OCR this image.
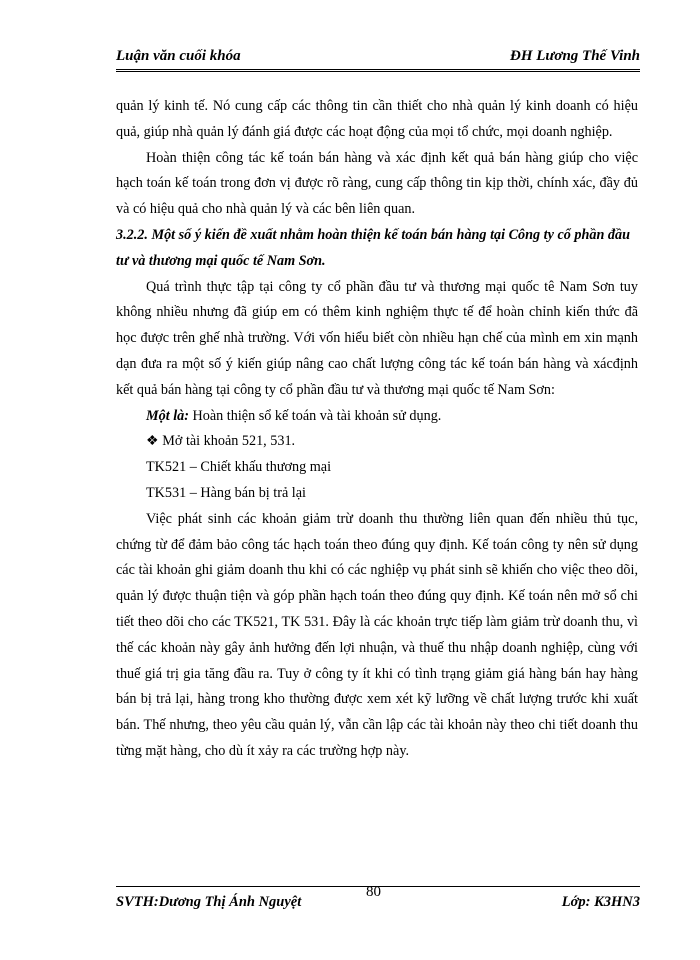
Luận văn cuối khóa	ĐH Lương Thế Vinh

quản lý kinh tế. Nó cung cấp các thông tin cần thiết cho nhà quản lý kinh doanh có hiệu quả, giúp nhà quản lý đánh giá được các hoạt động của mọi tổ chức, mọi doanh nghiệp.

Hoàn thiện công tác kế toán bán hàng và xác định kết quả bán hàng giúp cho việc hạch toán kế toán trong đơn vị được rõ ràng, cung cấp thông tin kịp thời, chính xác, đầy đủ và có hiệu quả cho nhà quản lý và các bên liên quan.

3.2.2. Một số ý kiến đề xuất nhằm hoàn thiện kế toán bán hàng tại Công ty cổ phần đầu tư và thương mại quốc tế Nam Sơn.

Quá trình thực tập tại công ty cổ phần đầu tư và thương mại quốc tê Nam Sơn tuy không nhiều nhưng đã giúp em có thêm kinh nghiệm thực tế để hoàn chỉnh kiến thức đã học được trên ghế nhà trường. Với vốn hiểu biết còn nhiều hạn chế của mình em xin mạnh dạn đưa ra một số ý kiến giúp nâng cao chất lượng công tác kế toán bán hàng và xácđịnh kết quả bán hàng tại công ty cổ phần đầu tư và thương mại quốc tế Nam Sơn:

Một là: Hoàn thiện sổ kế toán và tài khoản sử dụng.

❖ Mở tài khoản 521, 531.

TK521 – Chiết khấu thương mại

TK531 – Hàng bán bị trả lại

Việc phát sinh các khoản giảm trừ doanh thu thường liên quan đến nhiều thủ tục, chứng từ để đảm bảo công tác hạch toán theo đúng quy định. Kế toán công ty nên sử dụng các tài khoản ghi giảm doanh thu khi có các nghiệp vụ phát sinh sẽ khiến cho việc theo dõi, quản lý được thuận tiện và góp phần hạch toán theo đúng quy định. Kế toán nên mở sổ chi tiết theo dõi cho các TK521, TK 531. Đây là các khoản trực tiếp làm giảm trừ doanh thu, vì thế các khoản này gây ảnh hưởng đến lợi nhuận, và thuế thu nhập doanh nghiệp, cùng với thuế giá trị gia tăng đầu ra. Tuy ở công ty ít khi có tình trạng giảm giá hàng bán hay hàng bán bị trả lại, hàng trong kho thường được xem xét kỹ lưỡng về chất lượng trước khi xuất bán. Thế nhưng, theo yêu cầu quản lý, vẫn cần lập các tài khoản này theo chi tiết doanh thu từng mặt hàng, cho dù ít xảy ra các trường hợp này.

SVTH:Dương Thị Ánh Nguyệt
80
Lớp: K3HN3
